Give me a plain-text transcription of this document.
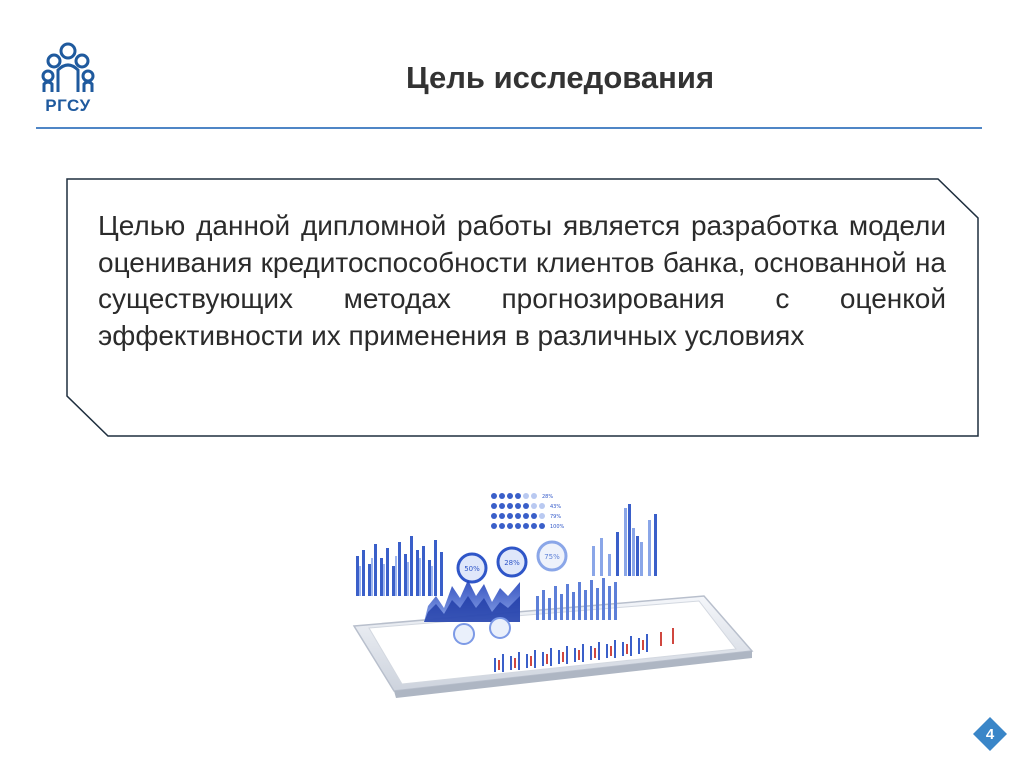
РГСУ
Цель исследования
Целью данной дипломной работы является разработка модели оценивания кредитоспособности клиентов банка, основанной на существующих методах прогнозирования с оценкой эффективности их применения в различных условиях
50%
28%
75%
28%
43%
79%
100%
4
